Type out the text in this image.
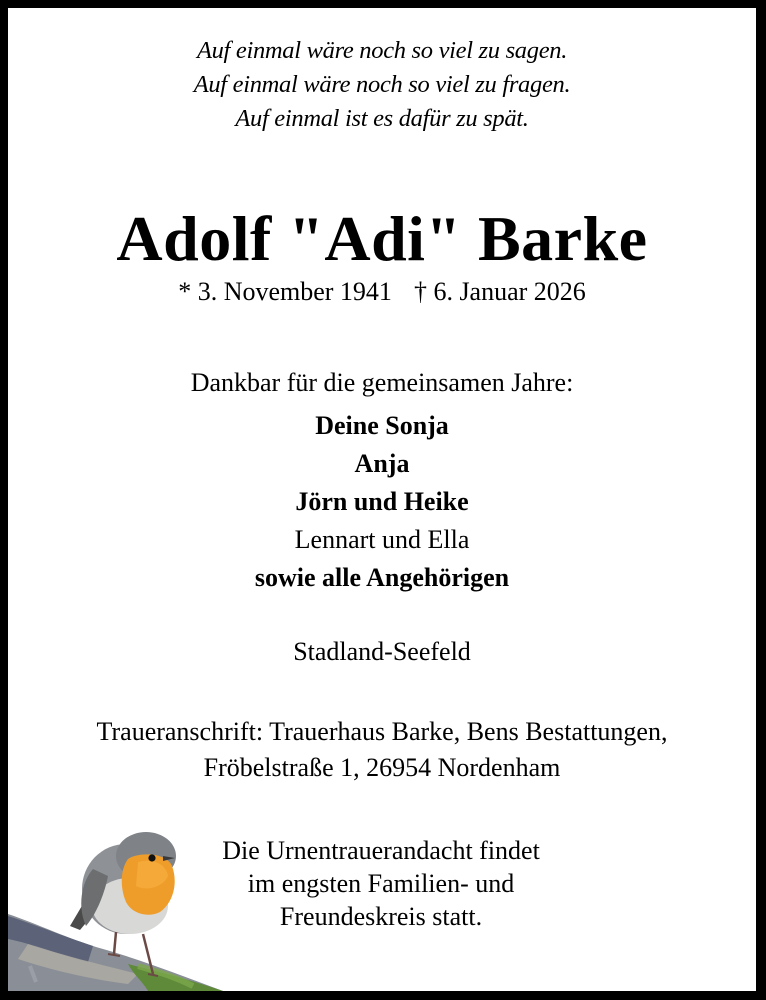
Auf einmal wäre noch so viel zu sagen.
Auf einmal wäre noch so viel zu fragen.
Auf einmal ist es dafür zu spät.
Adolf "Adi" Barke
* 3. November 1941 † 6. Januar 2026
Dankbar für die gemeinsamen Jahre:
Deine Sonja
Anja
Jörn und Heike
Lennart und Ella
sowie alle Angehörigen
Stadland-Seefeld
Traueranschrift: Trauerhaus Barke, Bens Bestattungen,
Fröbelstraße 1, 26954 Nordenham
Die Urnentrauerandacht findet
im engsten Familien- und
Freundeskreis statt.
